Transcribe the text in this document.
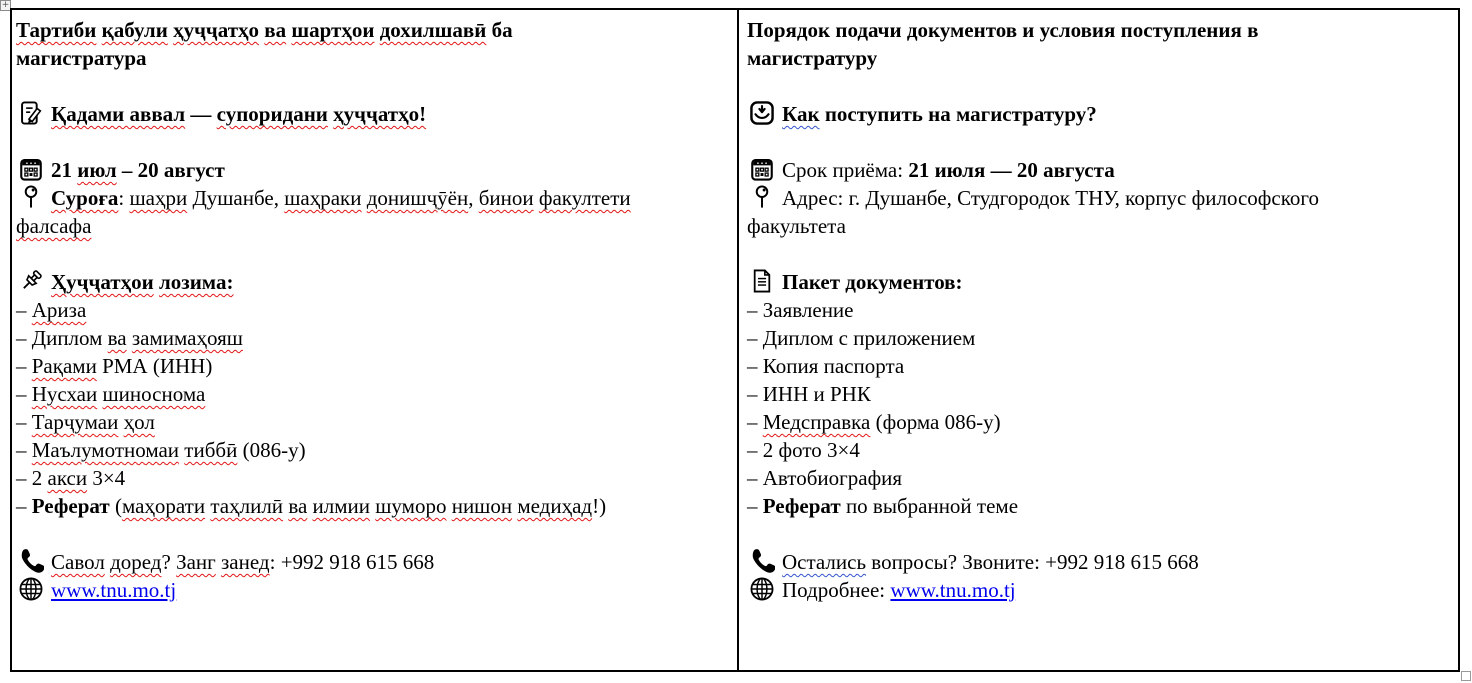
+

Тартиби қабули ҳуҷҷатҳо ва шартҳои дохилшавӣ ба
магистратура

Қадами аввал — супоридани ҳуҷҷатҳо!

21 июл – 20 август

Суроға: шаҳри Душанбе, шаҳраки донишҷӯён, бинои факултети
фалсафа

Ҳуҷҷатҳои лозима:

– Ариза

– Диплом ва замимаҳояш

– Рақами РМА (ИНН)

– Нусхаи шиноснома

– Тарҷумаи ҳол

– Маълумотномаи тиббӣ (086-у)

– 2 акси 3×4

– Реферат (маҳорати таҳлилӣ ва илмии шуморо нишон медиҳад!)

Савол доред? Занг занед: +992 918 615 668

www.tnu.mo.tj

Порядок подачи документов и условия поступления в
магистратуру

Как поступить на магистратуру?

Срок приёма: 21 июля — 20 августа

Адрес: г. Душанбе, Студгородок ТНУ, корпус философского
факультета

Пакет документов:

– Заявление

– Диплом с приложением

– Копия паспорта

– ИНН и РНК

– Медсправка (форма 086-у)

– 2 фото 3×4

– Автобиография

– Реферат по выбранной теме

Остались вопросы? Звоните: +992 918 615 668

Подробнее: www.tnu.mo.tj
